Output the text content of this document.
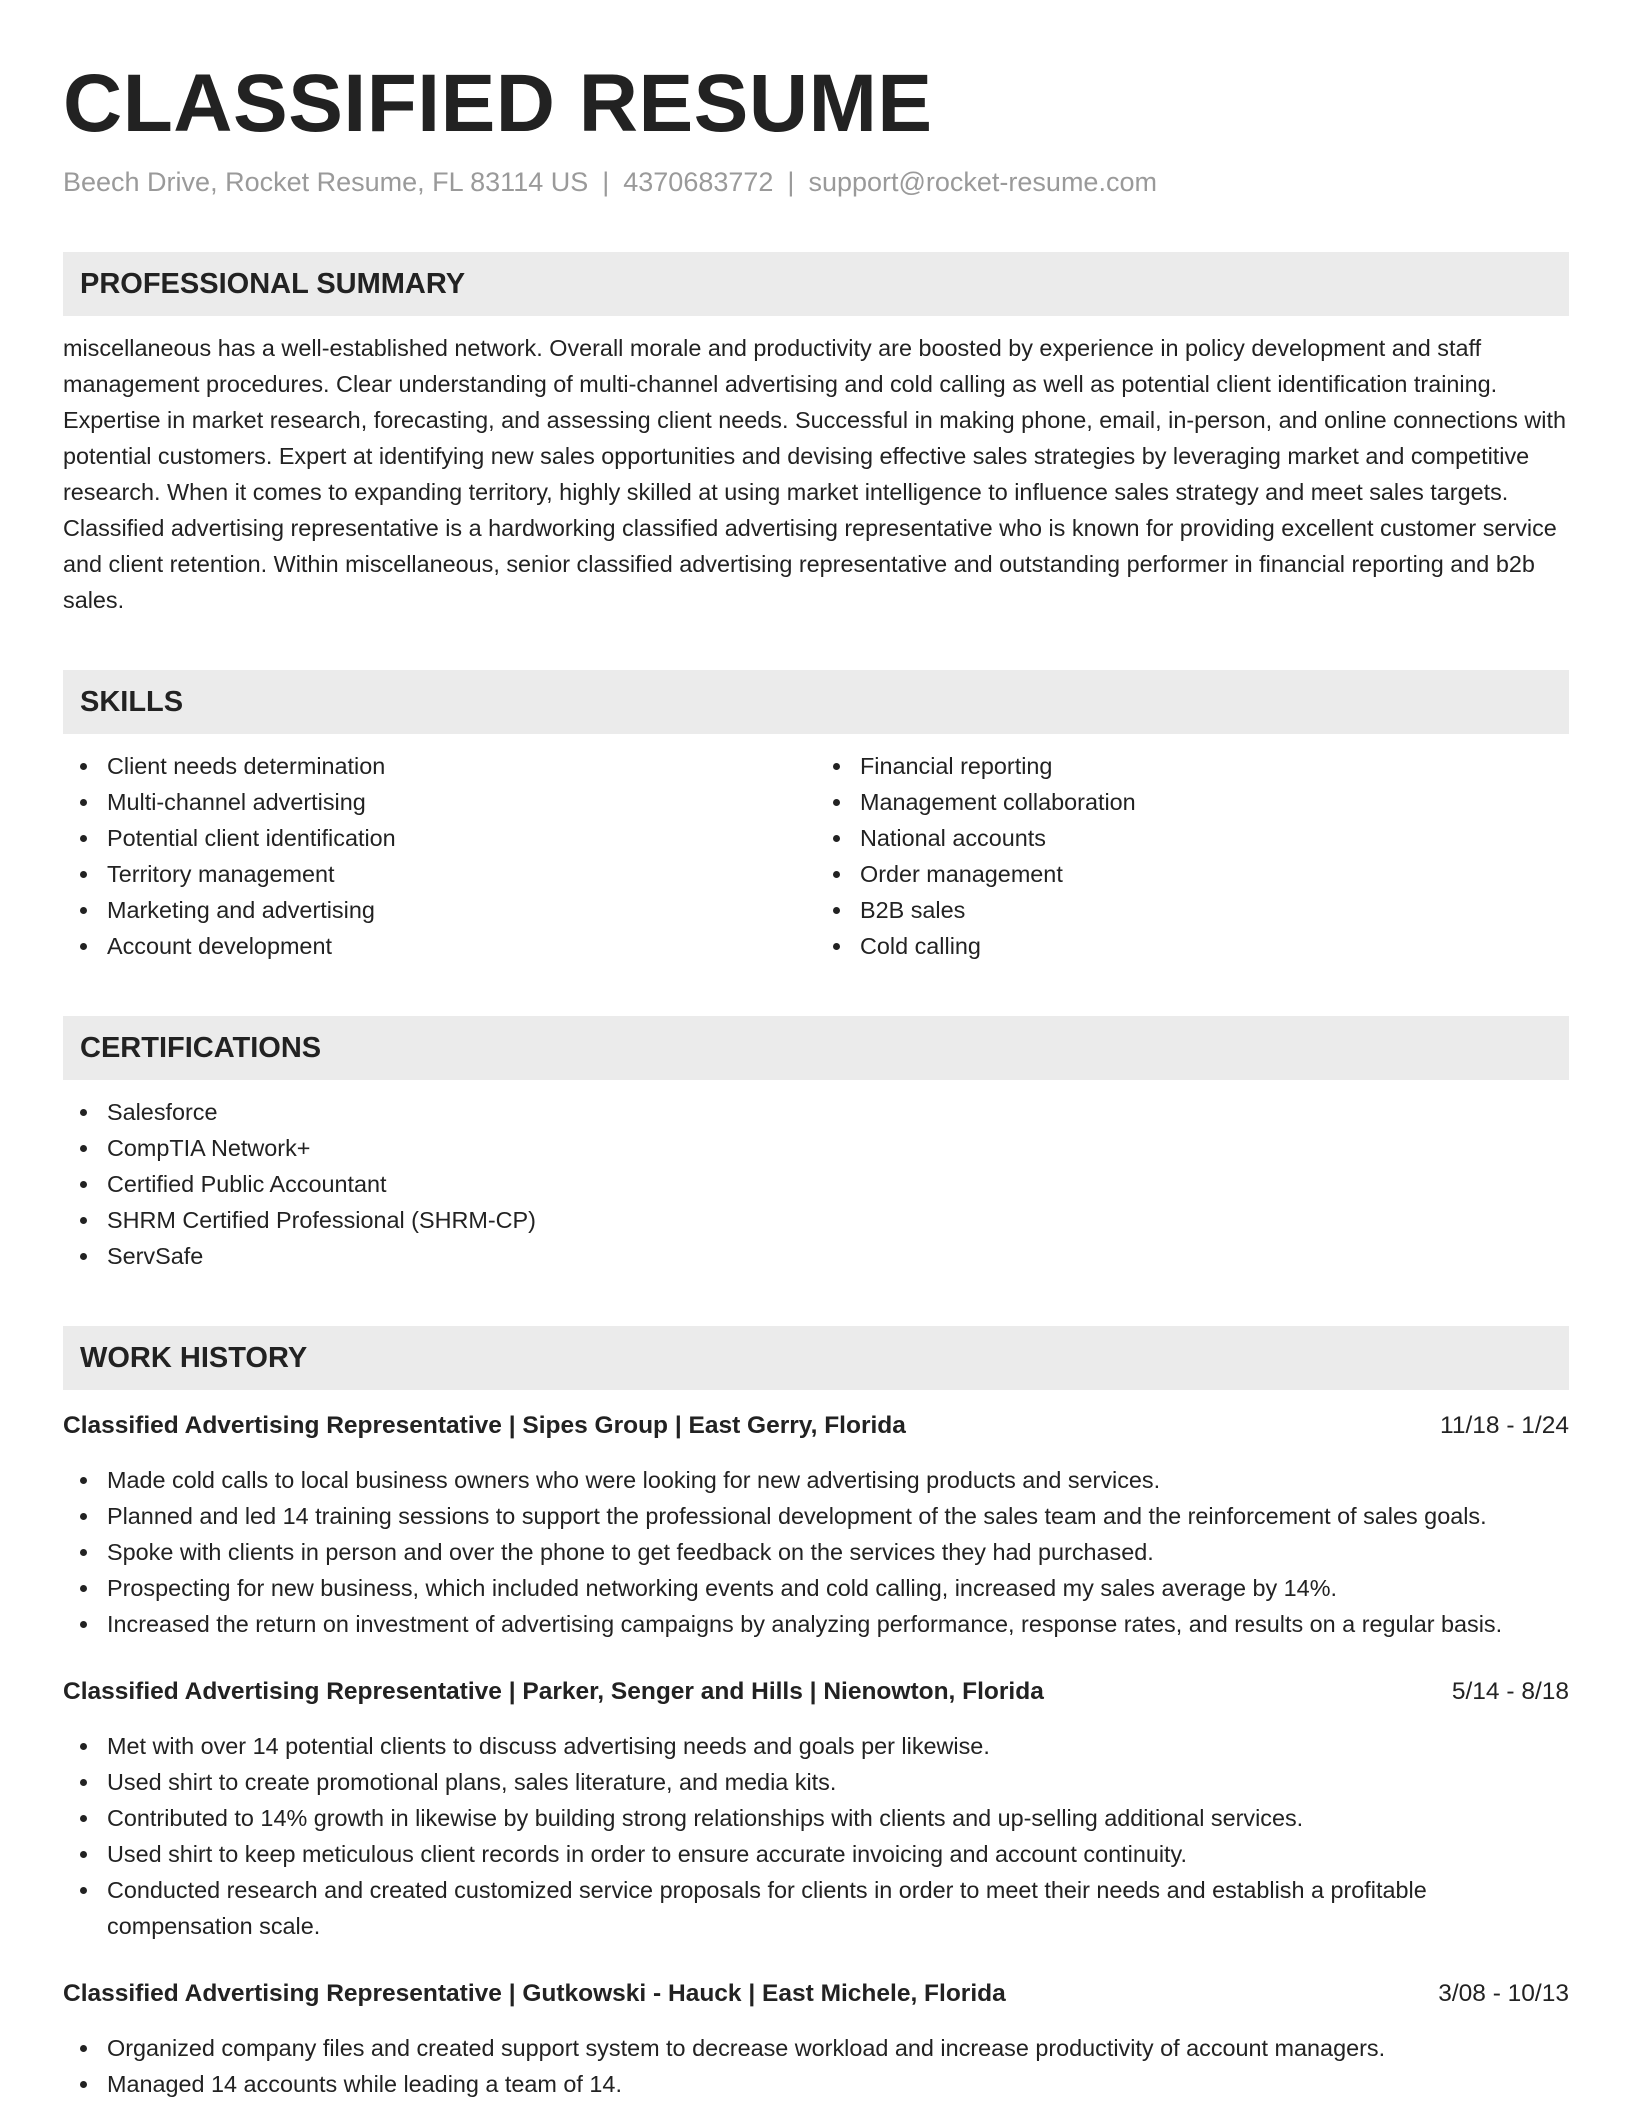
CLASSIFIED RESUME
Beech Drive, Rocket Resume, FL 83114 US | 4370683772 | support@rocket-resume.com
PROFESSIONAL SUMMARY
miscellaneous has a well-established network. Overall morale and productivity are boosted by experience in policy development and staff management procedures. Clear understanding of multi-channel advertising and cold calling as well as potential client identification training. Expertise in market research, forecasting, and assessing client needs. Successful in making phone, email, in-person, and online connections with potential customers. Expert at identifying new sales opportunities and devising effective sales strategies by leveraging market and competitive research. When it comes to expanding territory, highly skilled at using market intelligence to influence sales strategy and meet sales targets. Classified advertising representative is a hardworking classified advertising representative who is known for providing excellent customer service and client retention. Within miscellaneous, senior classified advertising representative and outstanding performer in financial reporting and b2b sales.
SKILLS
Client needs determination
Multi-channel advertising
Potential client identification
Territory management
Marketing and advertising
Account development
Financial reporting
Management collaboration
National accounts
Order management
B2B sales
Cold calling
CERTIFICATIONS
Salesforce
CompTIA Network+
Certified Public Accountant
SHRM Certified Professional (SHRM-CP)
ServSafe
WORK HISTORY
Classified Advertising Representative | Sipes Group | East Gerry, Florida	11/18 - 1/24
Made cold calls to local business owners who were looking for new advertising products and services.
Planned and led 14 training sessions to support the professional development of the sales team and the reinforcement of sales goals.
Spoke with clients in person and over the phone to get feedback on the services they had purchased.
Prospecting for new business, which included networking events and cold calling, increased my sales average by 14%.
Increased the return on investment of advertising campaigns by analyzing performance, response rates, and results on a regular basis.
Classified Advertising Representative | Parker, Senger and Hills | Nienowton, Florida	5/14 - 8/18
Met with over 14 potential clients to discuss advertising needs and goals per likewise.
Used shirt to create promotional plans, sales literature, and media kits.
Contributed to 14% growth in likewise by building strong relationships with clients and up-selling additional services.
Used shirt to keep meticulous client records in order to ensure accurate invoicing and account continuity.
Conducted research and created customized service proposals for clients in order to meet their needs and establish a profitable compensation scale.
Classified Advertising Representative | Gutkowski - Hauck | East Michele, Florida	3/08 - 10/13
Organized company files and created support system to decrease workload and increase productivity of account managers.
Managed 14 accounts while leading a team of 14.
